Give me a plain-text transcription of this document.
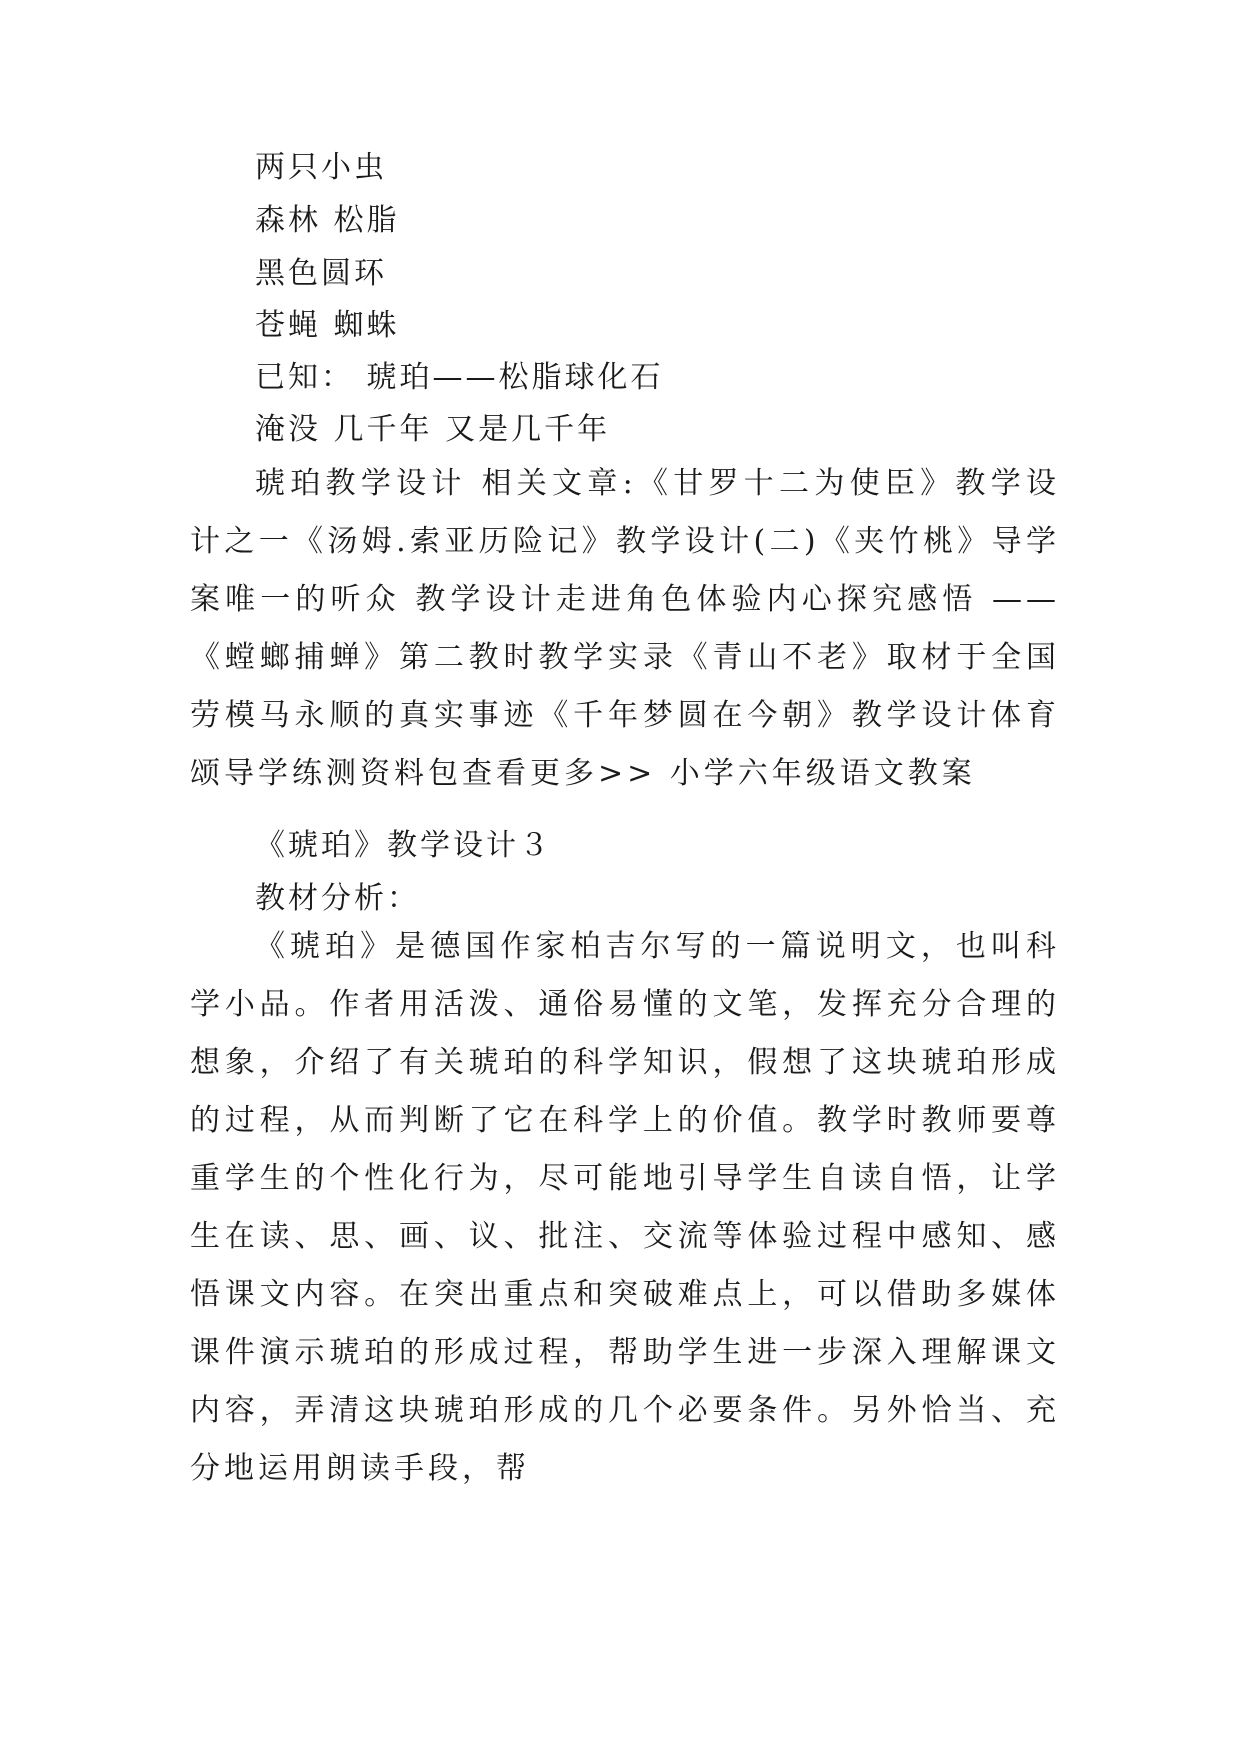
两只小虫
森林 松脂
黑色圆环
苍蝇 蜘蛛
已知： 琥珀——松脂球化石
淹没 几千年 又是几千年
琥珀教学设计 相关文章:《甘罗十二为使臣》教学设计之一《汤姆.索亚历险记》教学设计(二)《夹竹桃》导学案唯一的听众 教学设计走进角色体验内心探究感悟 ——《螳螂捕蝉》第二教时教学实录《青山不老》取材于全国劳模马永顺的真实事迹《千年梦圆在今朝》教学设计体育颂导学练测资料包查看更多>> 小学六年级语文教案
《琥珀》教学设计３
教材分析：
《琥珀》是德国作家柏吉尔写的一篇说明文，也叫科学小品。作者用活泼、通俗易懂的文笔，发挥充分合理的想象，介绍了有关琥珀的科学知识，假想了这块琥珀形成的过程，从而判断了它在科学上的价值。教学时教师要尊重学生的个性化行为，尽可能地引导学生自读自悟，让学生在读、思、画、议、批注、交流等体验过程中感知、感悟课文内容。在突出重点和突破难点上，可以借助多媒体课件演示琥珀的形成过程，帮助学生进一步深入理解课文内容，弄清这块琥珀形成的几个必要条件。另外恰当、充分地运用朗读手段，帮
